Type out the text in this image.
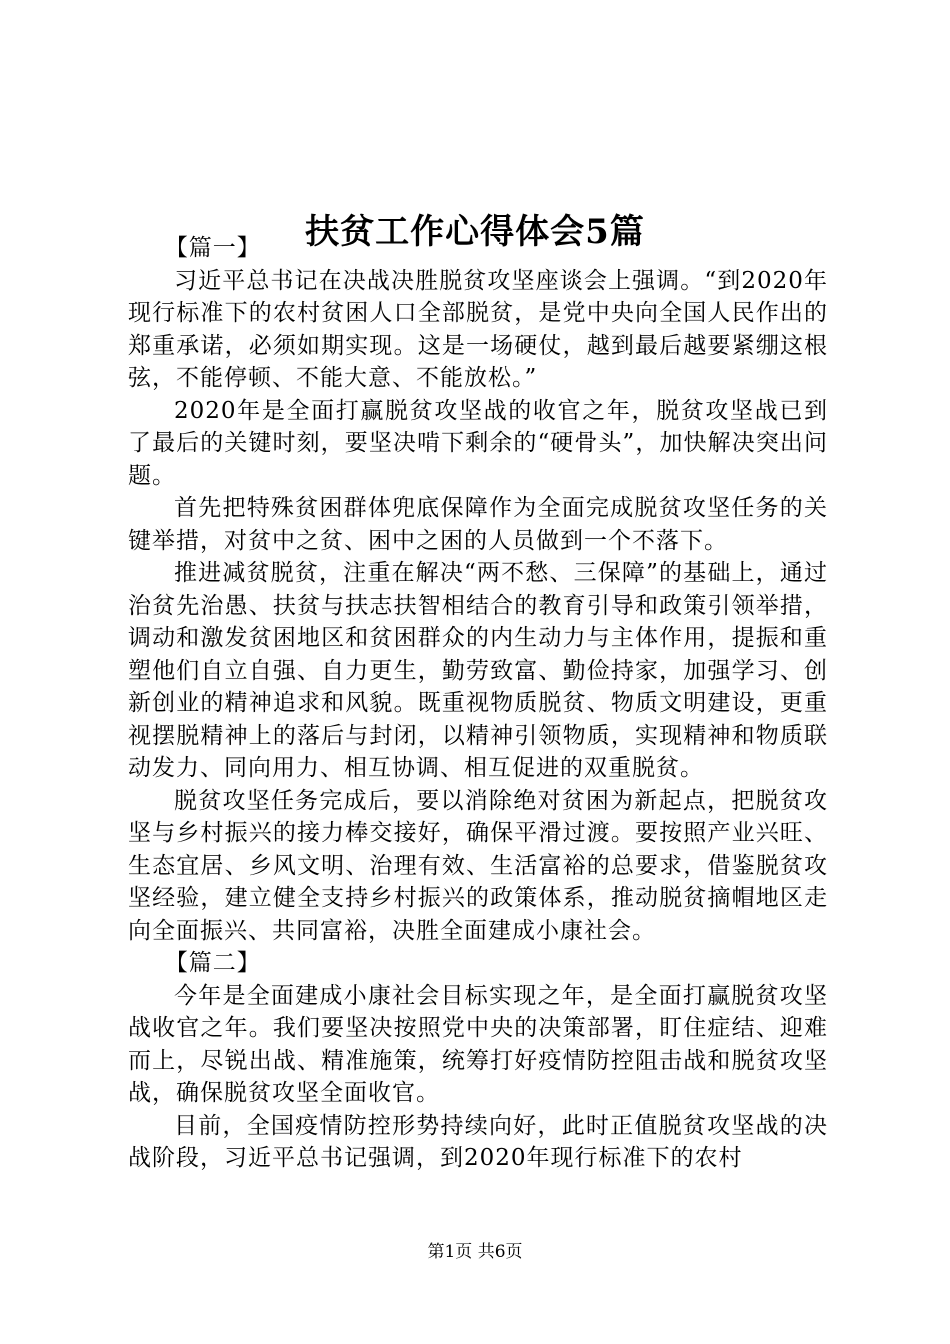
扶贫工作心得体会5篇

【篇一】

习近平总书记在决战决胜脱贫攻坚座谈会上强调。“到2020年现行标准下的农村贫困人口全部脱贫，是党中央向全国人民作出的郑重承诺，必须如期实现。这是一场硬仗，越到最后越要紧绷这根弦，不能停顿、不能大意、不能放松。”

2020年是全面打赢脱贫攻坚战的收官之年，脱贫攻坚战已到了最后的关键时刻，要坚决啃下剩余的“硬骨头”，加快解决突出问题。

首先把特殊贫困群体兜底保障作为全面完成脱贫攻坚任务的关键举措，对贫中之贫、困中之困的人员做到一个不落下。

推进减贫脱贫，注重在解决“两不愁、三保障”的基础上，通过治贫先治愚、扶贫与扶志扶智相结合的教育引导和政策引领举措，调动和激发贫困地区和贫困群众的内生动力与主体作用，提振和重塑他们自立自强、自力更生，勤劳致富、勤俭持家，加强学习、创新创业的精神追求和风貌。既重视物质脱贫、物质文明建设，更重视摆脱精神上的落后与封闭，以精神引领物质，实现精神和物质联动发力、同向用力、相互协调、相互促进的双重脱贫。

脱贫攻坚任务完成后，要以消除绝对贫困为新起点，把脱贫攻坚与乡村振兴的接力棒交接好，确保平滑过渡。要按照产业兴旺、生态宜居、乡风文明、治理有效、生活富裕的总要求，借鉴脱贫攻坚经验，建立健全支持乡村振兴的政策体系，推动脱贫摘帽地区走向全面振兴、共同富裕，决胜全面建成小康社会。

【篇二】

今年是全面建成小康社会目标实现之年，是全面打赢脱贫攻坚战收官之年。我们要坚决按照党中央的决策部署，盯住症结、迎难而上，尽锐出战、精准施策，统筹打好疫情防控阻击战和脱贫攻坚战，确保脱贫攻坚全面收官。

目前，全国疫情防控形势持续向好，此时正值脱贫攻坚战的决战阶段，习近平总书记强调，到2020年现行标准下的农村

第1页 共6页
